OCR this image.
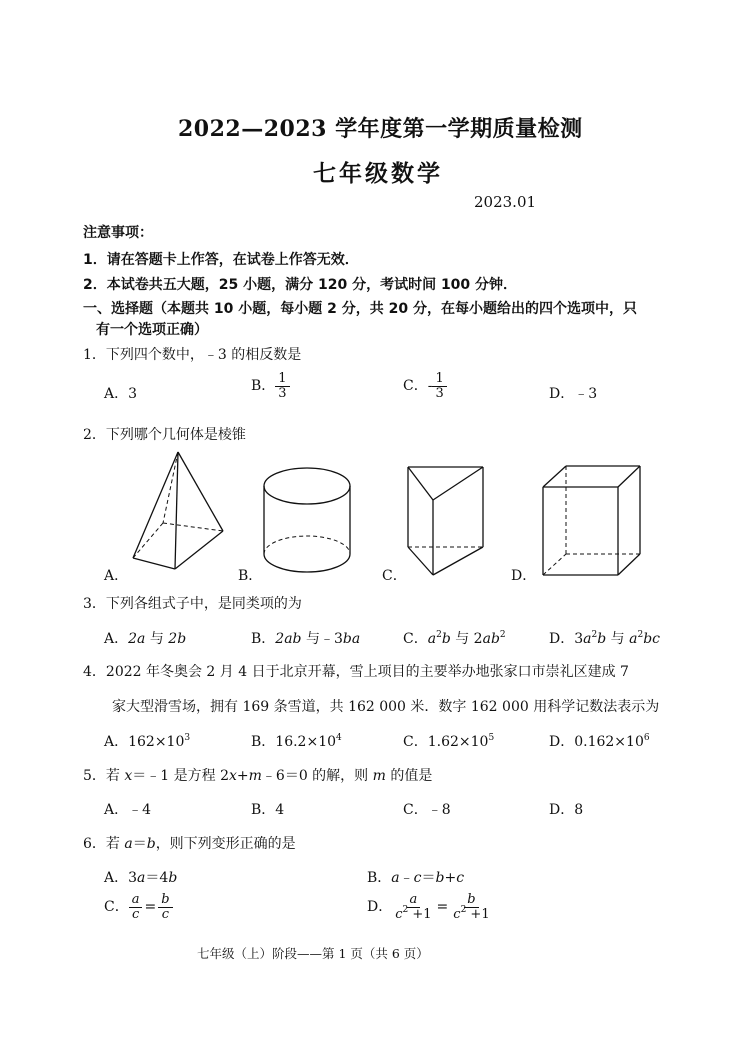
2022—2023 学年度第一学期质量检测
七年级数学
2023.01
注意事项：
1．请在答题卡上作答，在试卷上作答无效．
2．本试卷共五大题，25 小题，满分 120 分，考试时间 100 分钟．
一、选择题（本题共 10 小题，每小题 2 分，共 20 分，在每小题给出的四个选项中，只
有一个选项正确）
1．下列四个数中，﹣3 的相反数是
A．3	B． $\frac{1}{3}$	C．- $\frac{1}{3}$	D．﹣3
2．下列哪个几何体是棱锥
A．	B．	C．	D．
3．下列各组式子中，是同类项的为
A．2a 与 2b	B．2ab 与﹣3ba	C．$a^2b$ 与 $2ab^2$	D．$3a^2b$ 与 $a^2bc$
4．2022 年冬奥会 2 月 4 日于北京开幕，雪上项目的主要举办地张家口市崇礼区建成 7
家大型滑雪场，拥有 169 条雪道，共 162 000 米．数字 162 000 用科学记数法表示为
A．$162\times 10^3$	B．$16.2\times 10^4$	C．$1.62\times 10^5$	D．$0.162\times 10^6$
5．若 x＝﹣1 是方程 2x+m﹣6＝0 的解，则 m 的值是
A．﹣4	B．4	C．﹣8	D．8
6．若 a＝b，则下列变形正确的是
A．3a＝4b	B．a﹣c＝b+c
C． $\frac{a}{c} = \frac{b}{c}$	D． $\frac{a}{c^2 +1} = \frac{b}{c^2 +1}$
七年级（上）阶段——第 1 页（共 6 页）
